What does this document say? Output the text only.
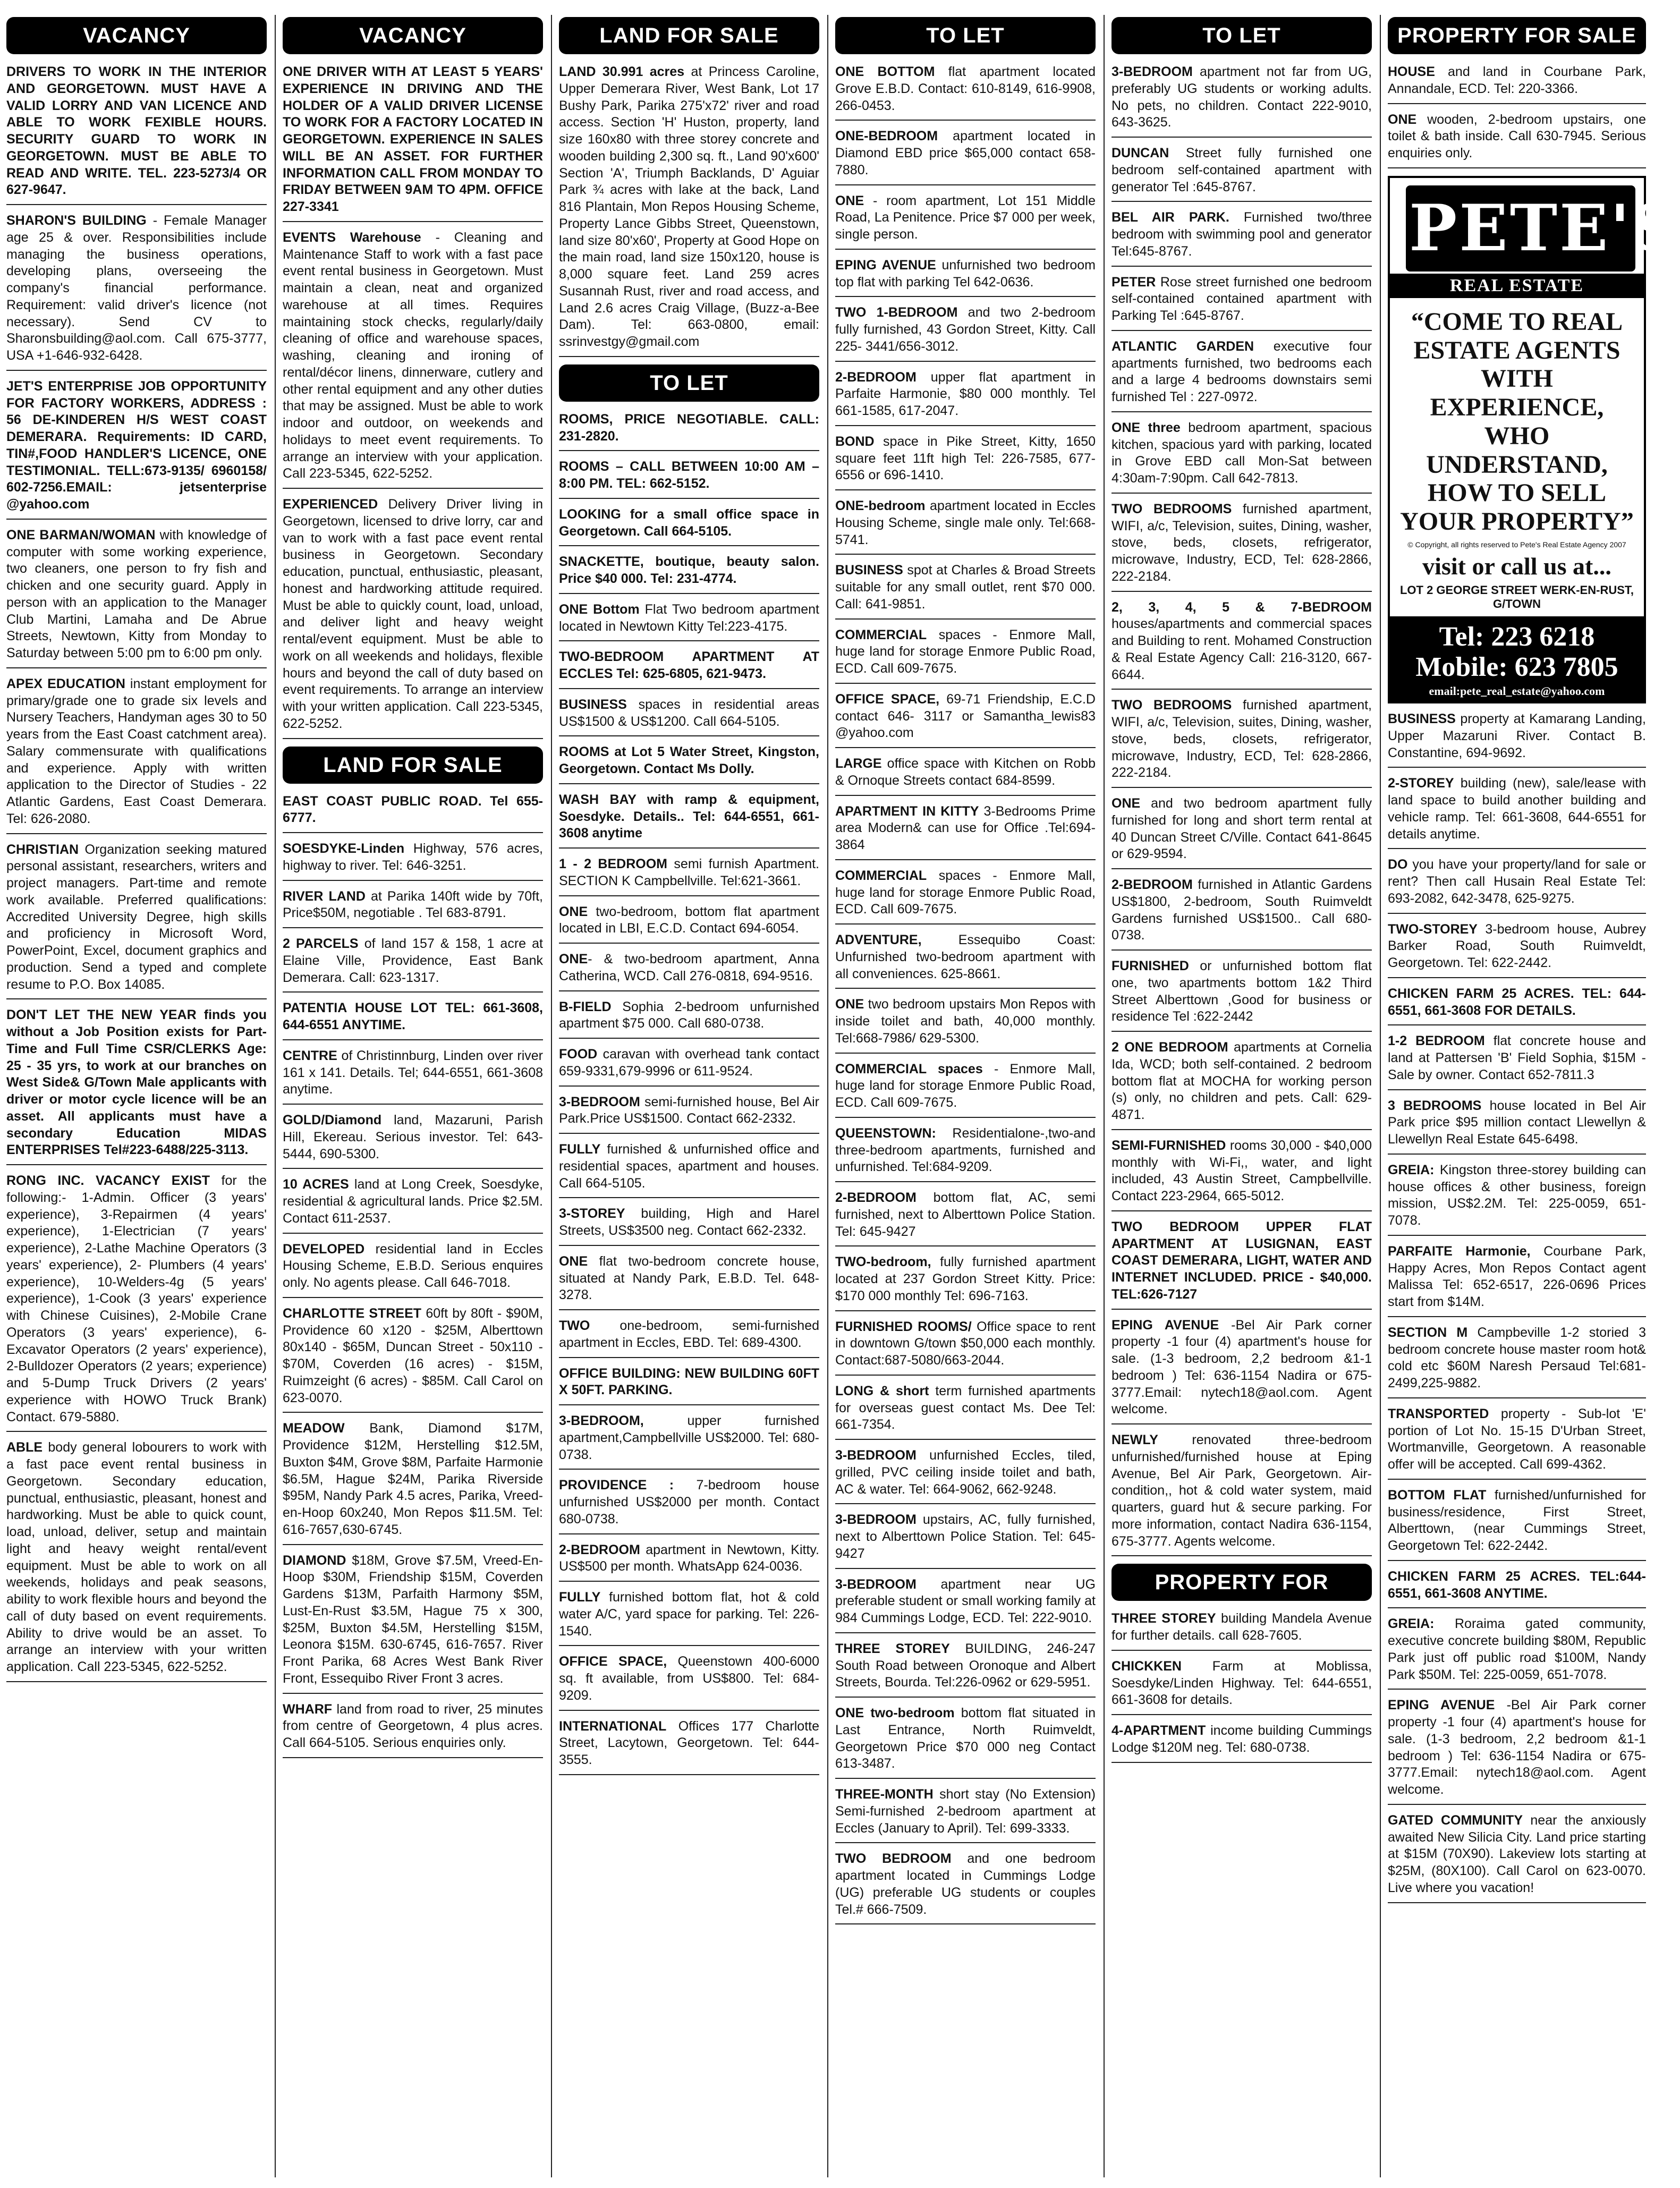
VACANCY
DRIVERS TO WORK IN THE INTERIOR AND GEORGETOWN. MUST HAVE A VALID LORRY AND VAN LICENCE AND ABLE TO WORK FEXIBLE HOURS. SECURITY GUARD TO WORK IN GEORGETOWN. MUST BE ABLE TO READ AND WRITE. TEL. 223-5273/4 OR 627-9647.
SHARON'S BUILDING - Female Manager age 25 & over. Responsibilities include managing the business operations, developing plans, overseeing the company's financial performance. Requirement: valid driver's licence (not necessary). Send CV to Sharonsbuilding@aol.com. Call 675-3777, USA +1-646-932-6428.
JET'S ENTERPRISE JOB OPPORTUNITY FOR FACTORY WORKERS, ADDRESS : 56 DE-KINDEREN H/S WEST COAST DEMERARA. Requirements: ID CARD, TIN#,FOOD HANDLER'S LICENCE, ONE TESTIMONIAL. TELL:673-9135/ 6960158/ 602-7256.EMAIL: jetsenterprise @yahoo.com
ONE BARMAN/WOMAN with knowledge of computer with some working experience, two cleaners, one person to fry fish and chicken and one security guard. Apply in person with an application to the Manager Club Martini, Lamaha and De Abrue Streets, Newtown, Kitty from Monday to Saturday between 5:00 pm to 6:00 pm only.
APEX EDUCATION instant employment for primary/grade one to grade six levels and Nursery Teachers, Handyman ages 30 to 50 years from the East Coast catchment area). Salary commensurate with qualifications and experience. Apply with written application to the Director of Studies - 22 Atlantic Gardens, East Coast Demerara. Tel: 626-2080.
CHRISTIAN Organization seeking matured personal assistant, researchers, writers and project managers. Part-time and remote work available. Preferred qualifications: Accredited University Degree, high skills and proficiency in Microsoft Word, PowerPoint, Excel, document graphics and production. Send a typed and complete resume to P.O. Box 14085.
DON'T LET THE NEW YEAR finds you without a Job Position exists for Part-Time and Full Time CSR/CLERKS Age: 25 - 35 yrs, to work at our branches on West Side& G/Town Male applicants with driver or motor cycle licence will be an asset. All applicants must have a secondary Education MIDAS ENTERPRISES Tel#223-6488/225-3113.
RONG INC. VACANCY EXIST for the following:- 1-Admin. Officer (3 years' experience), 3-Repairmen (4 years' experience), 1-Electrician (7 years' experience), 2-Lathe Machine Operators (3 years' experience), 2- Plumbers (4 years' experience), 10-Welders-4g (5 years' experience), 1-Cook (3 years' experience with Chinese Cuisines), 2-Mobile Crane Operators (3 years' experience), 6-Excavator Operators (2 years' experience), 2-Bulldozer Operators (2 years; experience) and 5-Dump Truck Drivers (2 years' experience with HOWO Truck Brank) Contact. 679-5880.
ABLE body general lobourers to work with a fast pace event rental business in Georgetown. Secondary education, punctual, enthusiastic, pleasant, honest and hardworking. Must be able to quick count, load, unload, deliver, setup and maintain light and heavy weight rental/event equipment. Must be able to work on all weekends, holidays and peak seasons, ability to work flexible hours and beyond the call of duty based on event requirements. Ability to drive would be an asset. To arrange an interview with your written application. Call 223-5345, 622-5252.
VACANCY
ONE DRIVER WITH AT LEAST 5 YEARS' EXPERIENCE IN DRIVING AND THE HOLDER OF A VALID DRIVER LICENSE TO WORK FOR A FACTORY LOCATED IN GEORGETOWN. EXPERIENCE IN SALES WILL BE AN ASSET. FOR FURTHER INFORMATION CALL FROM MONDAY TO FRIDAY BETWEEN 9AM TO 4PM. OFFICE 227-3341
EVENTS Warehouse - Cleaning and Maintenance Staff to work with a fast pace event rental business in Georgetown. Must maintain a clean, neat and organized warehouse at all times. Requires maintaining stock checks, regularly/daily cleaning of office and warehouse spaces, washing, cleaning and ironing of rental/décor linens, dinnerware, cutlery and other rental equipment and any other duties that may be assigned. Must be able to work indoor and outdoor, on weekends and holidays to meet event requirements. To arrange an interview with your application. Call 223-5345, 622-5252.
EXPERIENCED Delivery Driver living in Georgetown, licensed to drive lorry, car and van to work with a fast pace event rental business in Georgetown. Secondary education, punctual, enthusiastic, pleasant, honest and hardworking attitude required. Must be able to quickly count, load, unload, and deliver light and heavy weight rental/event equipment. Must be able to work on all weekends and holidays, flexible hours and beyond the call of duty based on event requirements. To arrange an interview with your written application. Call 223-5345, 622-5252.
LAND FOR SALE
EAST COAST PUBLIC ROAD. Tel 655-6777.
SOESDYKE-Linden Highway, 576 acres, highway to river. Tel: 646-3251.
RIVER LAND at Parika 140ft wide by 70ft, Price$50M, negotiable . Tel 683-8791.
2 PARCELS of land 157 & 158, 1 acre at Elaine Ville, Providence, East Bank Demerara. Call: 623-1317.
PATENTIA HOUSE LOT TEL: 661-3608, 644-6551 ANYTIME.
CENTRE of Christinnburg, Linden over river 161 x 141. Details. Tel; 644-6551, 661-3608 anytime.
GOLD/Diamond land, Mazaruni, Parish Hill, Ekereau. Serious investor. Tel: 643-5444, 690-5300.
10 ACRES land at Long Creek, Soesdyke, residential & agricultural lands. Price $2.5M. Contact 611-2537.
DEVELOPED residential land in Eccles Housing Scheme, E.B.D. Serious enquires only. No agents please. Call 646-7018.
CHARLOTTE STREET 60ft by 80ft - $90M, Providence 60 x120 - $25M, Alberttown 80x140 - $65M, Duncan Street - 50x110 - $70M, Coverden (16 acres) - $15M, Ruimzeight (6 acres) - $85M. Call Carol on 623-0070.
MEADOW Bank, Diamond $17M, Providence $12M, Herstelling $12.5M, Buxton $4M, Grove $8M, Parfaite Harmonie $6.5M, Hague $24M, Parika Riverside $95M, Nandy Park 4.5 acres, Parika, Vreed-en-Hoop 60x240, Mon Repos $11.5M. Tel: 616-7657,630-6745.
DIAMOND $18M, Grove $7.5M, Vreed-En-Hoop $30M, Friendship $15M, Coverden Gardens $13M, Parfaith Harmony $5M, Lust-En-Rust $3.5M, Hague 75 x 300, $25M, Buxton $4.5M, Herstelling $15M, Leonora $15M. 630-6745, 616-7657. River Front Parika, 68 Acres West Bank River Front, Essequibo River Front 3 acres.
WHARF land from road to river, 25 minutes from centre of Georgetown, 4 plus acres. Call 664-5105. Serious enquiries only.
LAND FOR SALE
LAND 30.991 acres at Princess Caroline, Upper Demerara River, West Bank, Lot 17 Bushy Park, Parika 275'x72' river and road access. Section 'H' Huston, property, land size 160x80 with three storey concrete and wooden building 2,300 sq. ft., Land 90'x600' Section 'A', Triumph Backlands, D' Aguiar Park ¾ acres with lake at the back, Land 816 Plantain, Mon Repos Housing Scheme, Property Lance Gibbs Street, Queenstown, land size 80'x60', Property at Good Hope on the main road, land size 150x120, house is 8,000 square feet. Land 259 acres Susannah Rust, river and road access, and Land 2.6 acres Craig Village, (Buzz-a-Bee Dam). Tel: 663-0800, email: ssrinvestgy@gmail.com
TO LET
ROOMS, PRICE NEGOTIABLE. CALL: 231-2820.
ROOMS – CALL BETWEEN 10:00 AM – 8:00 PM. TEL: 662-5152.
LOOKING for a small office space in Georgetown. Call 664-5105.
SNACKETTE, boutique, beauty salon. Price $40 000. Tel: 231-4774.
ONE Bottom Flat Two bedroom apartment located in Newtown Kitty Tel:223-4175.
TWO-BEDROOM APARTMENT AT ECCLES Tel: 625-6805, 621-9473.
BUSINESS spaces in residential areas US$1500 & US$1200. Call 664-5105.
ROOMS at Lot 5 Water Street, Kingston, Georgetown. Contact Ms Dolly.
WASH BAY with ramp & equipment, Soesdyke. Details.. Tel: 644-6551, 661-3608 anytime
1 - 2 BEDROOM semi furnish Apartment. SECTION K Campbellville. Tel:621-3661.
ONE two-bedroom, bottom flat apartment located in LBI, E.C.D. Contact 694-6054.
ONE- & two-bedroom apartment, Anna Catherina, WCD. Call 276-0818, 694-9516.
B-FIELD Sophia 2-bedroom unfurnished apartment $75 000. Call 680-0738.
FOOD caravan with overhead tank contact 659-9331,679-9996 or 611-9524.
3-BEDROOM semi-furnished house, Bel Air Park.Price US$1500. Contact 662-2332.
FULLY furnished & unfurnished office and residential spaces, apartment and houses. Call 664-5105.
3-STOREY building, High and Harel Streets, US$3500 neg. Contact 662-2332.
ONE flat two-bedroom concrete house, situated at Nandy Park, E.B.D. Tel. 648-3278.
TWO one-bedroom, semi-furnished apartment in Eccles, EBD. Tel: 689-4300.
OFFICE BUILDING: NEW BUILDING 60FT X 50FT. PARKING.
3-BEDROOM, upper furnished apartment,Campbellville US$2000. Tel: 680-0738.
PROVIDENCE : 7-bedroom house unfurnished US$2000 per month. Contact 680-0738.
2-BEDROOM apartment in Newtown, Kitty. US$500 per month. WhatsApp 624-0036.
FULLY furnished bottom flat, hot & cold water A/C, yard space for parking. Tel: 226-1540.
OFFICE SPACE, Queenstown 400-6000 sq. ft available, from US$800. Tel: 684-9209.
INTERNATIONAL Offices 177 Charlotte Street, Lacytown, Georgetown. Tel: 644-3555.
TO LET
ONE BOTTOM flat apartment located Grove E.B.D. Contact: 610-8149, 616-9908, 266-0453.
ONE-BEDROOM apartment located in Diamond EBD price $65,000 contact 658-7880.
ONE - room apartment, Lot 151 Middle Road, La Penitence. Price $7 000 per week, single person.
EPING AVENUE unfurnished two bedroom top flat with parking Tel 642-0636.
TWO 1-BEDROOM and two 2-bedroom fully furnished, 43 Gordon Street, Kitty. Call 225- 3441/656-3012.
2-BEDROOM upper flat apartment in Parfaite Harmonie, $80 000 monthly. Tel 661-1585, 617-2047.
BOND space in Pike Street, Kitty, 1650 square feet 11ft high Tel: 226-7585, 677-6556 or 696-1410.
ONE-bedroom apartment located in Eccles Housing Scheme, single male only. Tel:668-5741.
BUSINESS spot at Charles & Broad Streets suitable for any small outlet, rent $70 000. Call: 641-9851.
COMMERCIAL spaces - Enmore Mall, huge land for storage Enmore Public Road, ECD. Call 609-7675.
OFFICE SPACE, 69-71 Friendship, E.C.D contact 646- 3117 or Samantha_lewis83 @yahoo.com
LARGE office space with Kitchen on Robb & Ornoque Streets contact 684-8599.
APARTMENT IN KITTY 3-Bedrooms Prime area Modern& can use for Office .Tel:694-3864
COMMERCIAL spaces - Enmore Mall, huge land for storage Enmore Public Road, ECD. Call 609-7675.
ADVENTURE, Essequibo Coast: Unfurnished two-bedroom apartment with all conveniences. 625-8661.
ONE two bedroom upstairs Mon Repos with inside toilet and bath, 40,000 monthly. Tel:668-7986/ 629-5300.
COMMERCIAL spaces - Enmore Mall, huge land for storage Enmore Public Road, ECD. Call 609-7675.
QUEENSTOWN: Residentialone-,two-and three-bedroom apartments, furnished and unfurnished. Tel:684-9209.
2-BEDROOM bottom flat, AC, semi furnished, next to Alberttown Police Station. Tel: 645-9427
TWO-bedroom, fully furnished apartment located at 237 Gordon Street Kitty. Price: $170 000 monthly Tel: 696-7163.
FURNISHED ROOMS/ Office space to rent in downtown G/town $50,000 each monthly. Contact:687-5080/663-2044.
LONG & short term furnished apartments for overseas guest contact Ms. Dee Tel: 661-7354.
3-BEDROOM unfurnished Eccles, tiled, grilled, PVC ceiling inside toilet and bath, AC & water. Tel: 664-9062, 662-9248.
3-BEDROOM upstairs, AC, fully furnished, next to Alberttown Police Station. Tel: 645-9427
3-BEDROOM apartment near UG preferable student or small working family at 984 Cummings Lodge, ECD. Tel: 222-9010.
THREE STOREY BUILDING, 246-247 South Road between Oronoque and Albert Streets, Bourda. Tel:226-0962 or 629-5951.
ONE two-bedroom bottom flat situated in Last Entrance, North Ruimveldt, Georgetown Price $70 000 neg Contact 613-3487.
THREE-MONTH short stay (No Extension) Semi-furnished 2-bedroom apartment at Eccles (January to April). Tel: 699-3333.
TWO BEDROOM and one bedroom apartment located in Cummings Lodge (UG) preferable UG students or couples Tel.# 666-7509.
TO LET
3-BEDROOM apartment not far from UG, preferably UG students or working adults. No pets, no children. Contact 222-9010, 643-3625.
DUNCAN Street fully furnished one bedroom self-contained apartment with generator Tel :645-8767.
BEL AIR PARK. Furnished two/three bedroom with swimming pool and generator Tel:645-8767.
PETER Rose street furnished one bedroom self-contained contained apartment with Parking Tel :645-8767.
ATLANTIC GARDEN executive four apartments furnished, two bedrooms each and a large 4 bedrooms downstairs semi furnished Tel : 227-0972.
ONE three bedroom apartment, spacious kitchen, spacious yard with parking, located in Grove EBD call Mon-Sat between 4:30am-7:90pm. Call 642-7813.
TWO BEDROOMS furnished apartment, WIFI, a/c, Television, suites, Dining, washer, stove, beds, closets, refrigerator, microwave, Industry, ECD, Tel: 628-2866, 222-2184.
2, 3, 4, 5 & 7-BEDROOM houses/apartments and commercial spaces and Building to rent. Mohamed Construction & Real Estate Agency Call: 216-3120, 667-6644.
TWO BEDROOMS furnished apartment, WIFI, a/c, Television, suites, Dining, washer, stove, beds, closets, refrigerator, microwave, Industry, ECD, Tel: 628-2866, 222-2184.
ONE and two bedroom apartment fully furnished for long and short term rental at 40 Duncan Street C/Ville. Contact 641-8645 or 629-9594.
2-BEDROOM furnished in Atlantic Gardens US$1800, 2-bedroom, South Ruimveldt Gardens furnished US$1500.. Call 680-0738.
FURNISHED or unfurnished bottom flat one, two apartments bottom 1&2 Third Street Alberttown ,Good for business or residence Tel :622-2442
2 ONE BEDROOM apartments at Cornelia Ida, WCD; both self-contained. 2 bedroom bottom flat at MOCHA for working person (s) only, no children and pets. Call: 629-4871.
SEMI-FURNISHED rooms 30,000 - $40,000 monthly with Wi-Fi,, water, and light included, 43 Austin Street, Campbellville. Contact 223-2964, 665-5012.
TWO BEDROOM UPPER FLAT APARTMENT AT LUSIGNAN, EAST COAST DEMERARA, LIGHT, WATER AND INTERNET INCLUDED. PRICE - $40,000. TEL:626-7127
EPING AVENUE -Bel Air Park corner property -1 four (4) apartment's house for sale. (1-3 bedroom, 2,2 bedroom &1-1 bedroom ) Tel: 636-1154 Nadira or 675-3777.Email: nytech18@aol.com. Agent welcome.
NEWLY renovated three-bedroom unfurnished/furnished house at Eping Avenue, Bel Air Park, Georgetown. Air-condition,, hot & cold water system, maid quarters, guard hut & secure parking. For more information, contact Nadira 636-1154, 675-3777. Agents welcome.
PROPERTY FOR
THREE STOREY building Mandela Avenue for further details. call 628-7605.
CHICKKEN Farm at Moblissa, Soesdyke/Linden Highway. Tel: 644-6551, 661-3608 for details.
4-APARTMENT income building Cummings Lodge $120M neg. Tel: 680-0738.
PROPERTY FOR SALE
HOUSE and land in Courbane Park, Annandale, ECD. Tel: 220-3366.
ONE wooden, 2-bedroom upstairs, one toilet & bath inside. Call 630-7945. Serious enquiries only.
PETE'S
REAL ESTATE
“COME TO REAL ESTATE AGENTS WITH EXPERIENCE, WHO UNDERSTAND, HOW TO SELL YOUR PROPERTY”
© Copyright, all rights reserved to Pete's Real Estate Agency 2007
visit or call us at...
LOT 2 GEORGE STREET WERK-EN-RUST, G/TOWN
Tel: 223 6218
Mobile: 623 7805
email:pete_real_estate@yahoo.com
BUSINESS property at Kamarang Landing, Upper Mazaruni River. Contact B. Constantine, 694-9692.
2-STOREY building (new), sale/lease with land space to build another building and vehicle ramp. Tel: 661-3608, 644-6551 for details anytime.
DO you have your property/land for sale or rent? Then call Husain Real Estate Tel: 693-2082, 642-3478, 625-9275.
TWO-STOREY 3-bedroom house, Aubrey Barker Road, South Ruimveldt, Georgetown. Tel: 622-2442.
CHICKEN FARM 25 ACRES. TEL: 644-6551, 661-3608 FOR DETAILS.
1-2 BEDROOM flat concrete house and land at Pattersen 'B' Field Sophia, $15M - Sale by owner. Contact 652-7811.3
3 BEDROOMS house located in Bel Air Park price $95 million contact Llewellyn & Llewellyn Real Estate 645-6498.
GREIA: Kingston three-storey building can house offices & other business, foreign mission, US$2.2M. Tel: 225-0059, 651-7078.
PARFAITE Harmonie, Courbane Park, Happy Acres, Mon Repos Contact agent Malissa Tel: 652-6517, 226-0696 Prices start from $14M.
SECTION M Campbeville 1-2 storied 3 bedroom concrete house master room hot& cold etc $60M Naresh Persaud Tel:681-2499,225-9882.
TRANSPORTED property - Sub-lot 'E' portion of Lot No. 15-15 D'Urban Street, Wortmanville, Georgetown. A reasonable offer will be accepted. Call 699-4362.
BOTTOM FLAT furnished/unfurnished for business/residence, First Street, Alberttown, (near Cummings Street, Georgetown Tel: 622-2442.
CHICKEN FARM 25 ACRES. TEL:644-6551, 661-3608 ANYTIME.
GREIA: Roraima gated community, executive concrete building $80M, Republic Park just off public road $100M, Nandy Park $50M. Tel: 225-0059, 651-7078.
EPING AVENUE -Bel Air Park corner property -1 four (4) apartment's house for sale. (1-3 bedroom, 2,2 bedroom &1-1 bedroom ) Tel: 636-1154 Nadira or 675-3777.Email: nytech18@aol.com. Agent welcome.
GATED COMMUNITY near the anxiously awaited New Silicia City. Land price starting at $15M (70X90). Lakeview lots starting at $25M, (80X100). Call Carol on 623-0070. Live where you vacation!
